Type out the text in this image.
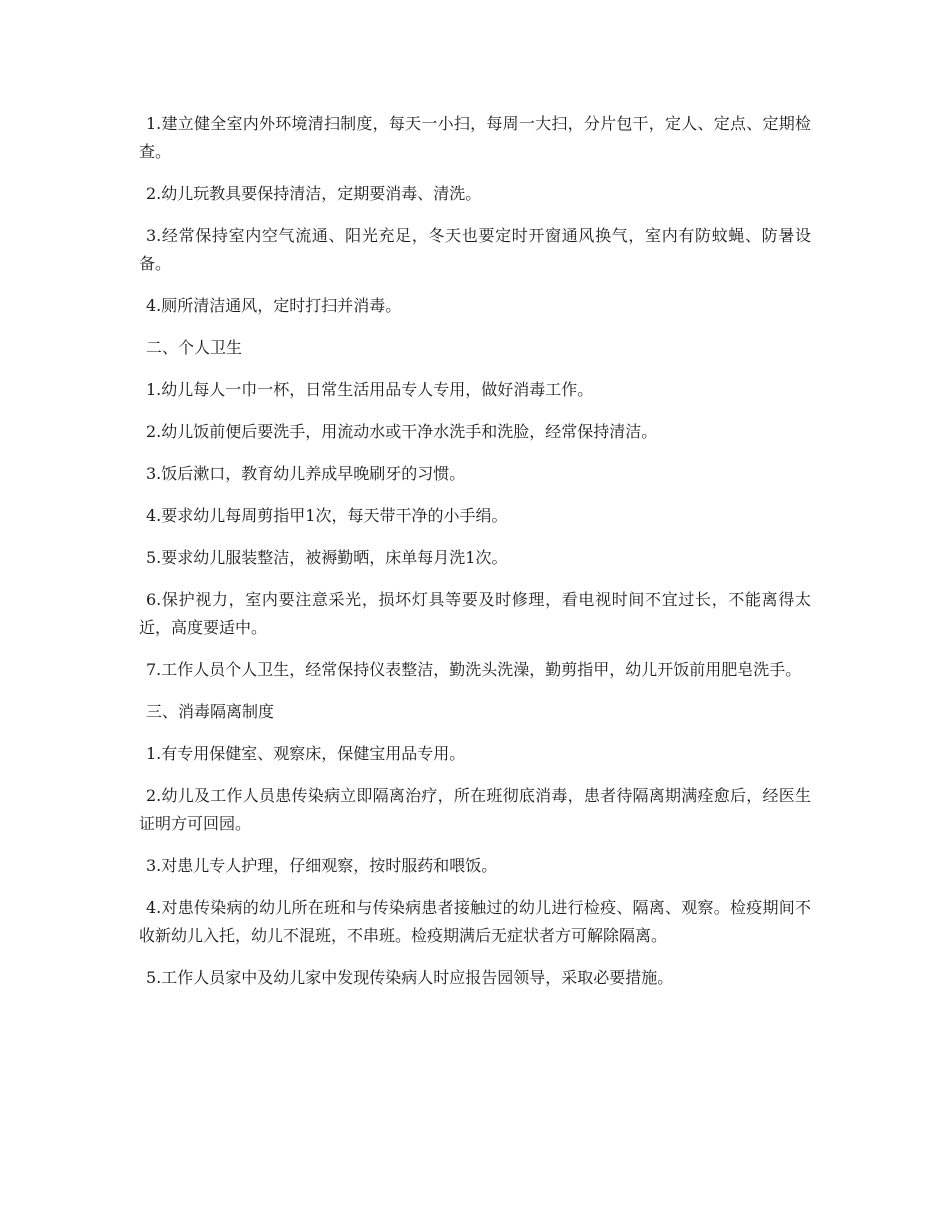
1.建立健全室内外环境清扫制度，每天一小扫，每周一大扫，分片包干，定人、定点、定期检查。

2.幼儿玩教具要保持清洁，定期要消毒、清洗。

3.经常保持室内空气流通、阳光充足，冬天也要定时开窗通风换气，室内有防蚊蝇、防暑设备。

4.厕所清洁通风，定时打扫并消毒。

二、个人卫生

1.幼儿每人一巾一杯，日常生活用品专人专用，做好消毒工作。

2.幼儿饭前便后要洗手，用流动水或干净水洗手和洗脸，经常保持清洁。

3.饭后漱口，教育幼儿养成早晚刷牙的习惯。

4.要求幼儿每周剪指甲1次，每天带干净的小手绢。

5.要求幼儿服装整洁，被褥勤晒，床单每月洗1次。

6.保护视力，室内要注意采光，损坏灯具等要及时修理，看电视时间不宜过长，不能离得太近，高度要适中。

7.工作人员个人卫生，经常保持仪表整洁，勤洗头洗澡，勤剪指甲，幼儿开饭前用肥皂洗手。

三、消毒隔离制度

1.有专用保健室、观察床，保健宝用品专用。

2.幼儿及工作人员患传染病立即隔离治疗，所在班彻底消毒，患者待隔离期满痊愈后，经医生证明方可回园。

3.对患儿专人护理，仔细观察，按时服药和喂饭。

4.对患传染病的幼儿所在班和与传染病患者接触过的幼儿进行检疫、隔离、观察。检疫期间不收新幼儿入托，幼儿不混班，不串班。检疫期满后无症状者方可解除隔离。

5.工作人员家中及幼儿家中发现传染病人时应报告园领导，采取必要措施。
